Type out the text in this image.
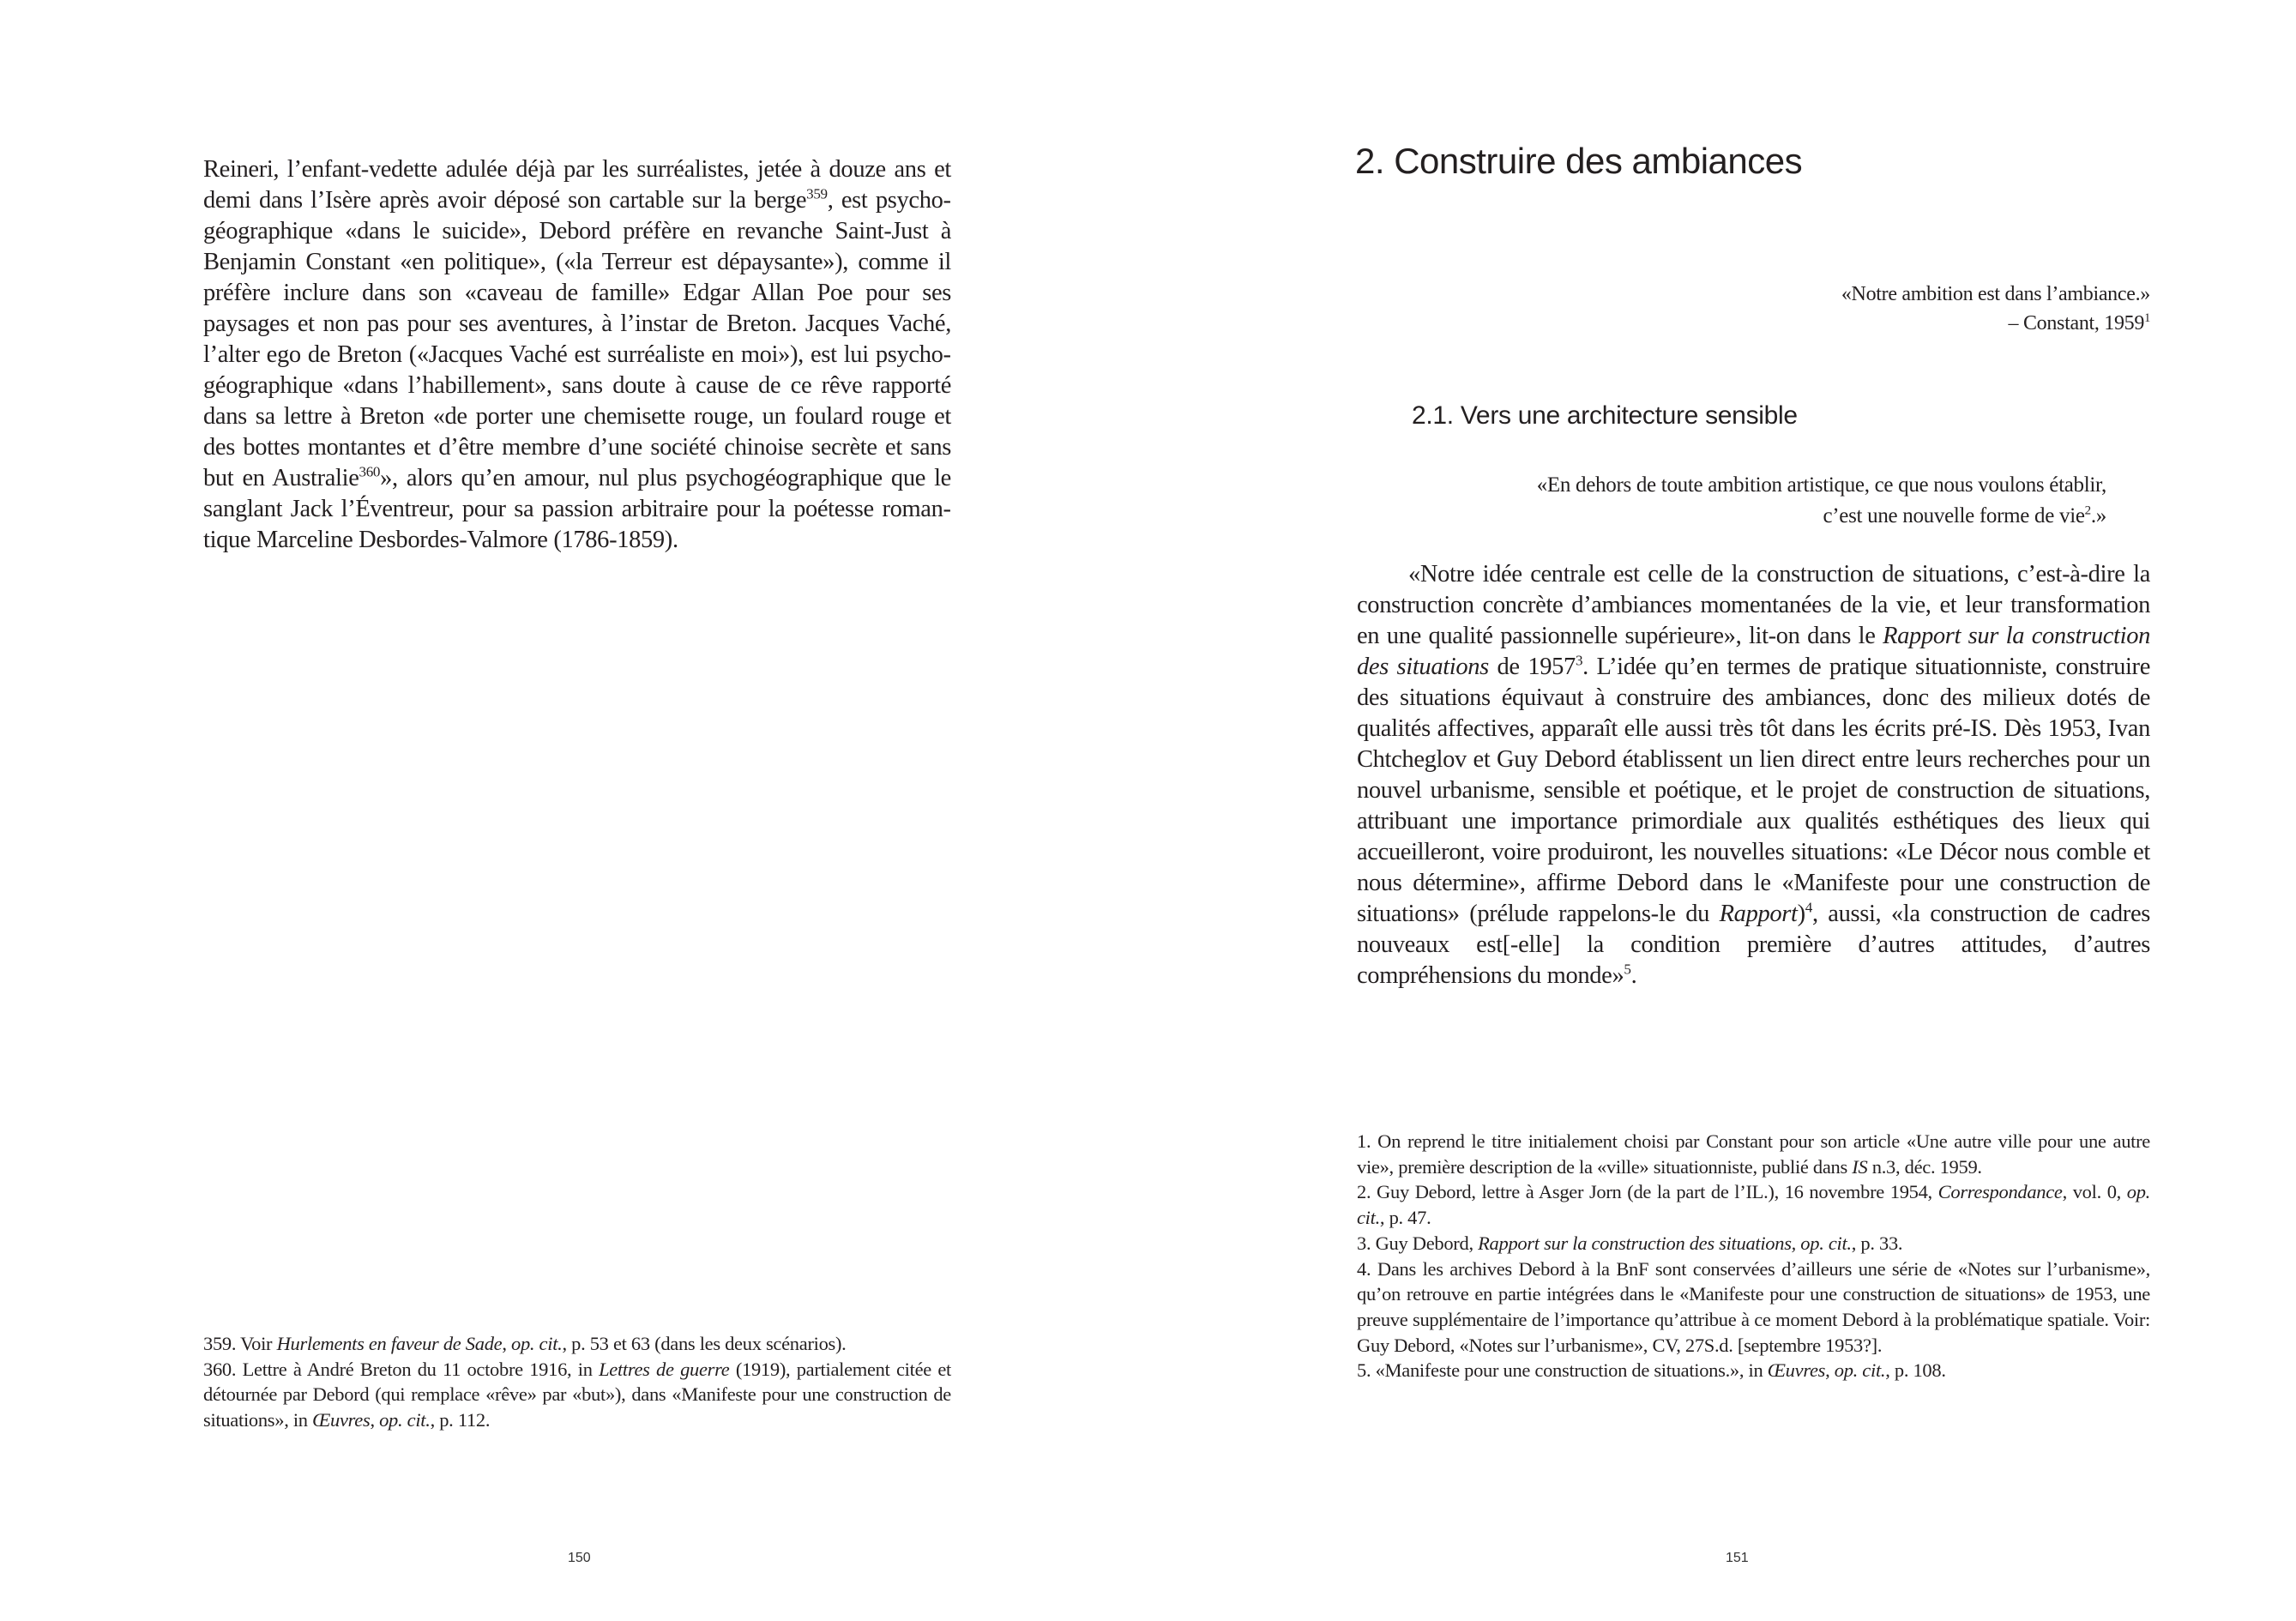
Reineri, l’enfant-vedette adulée déjà par les surréalistes, jetée à douze ans et demi dans l’Isère après avoir déposé son cartable sur la berge$^{359}$, est psychogéographique «dans le suicide», Debord préfère en revanche Saint-Just à Benjamin Constant «en politique», («la Terreur est dépaysante»), comme il préfère inclure dans son «caveau de famille» Edgar Allan Poe pour ses paysages et non pas pour ses aventures, à l’instar de Breton. Jacques Vaché, l’alter ego de Breton («Jacques Vaché est surréaliste en moi»), est lui psychogéographique «dans l’habillement», sans doute à cause de ce rêve rapporté dans sa lettre à Breton «de porter une chemisette rouge, un foulard rouge et des bottes montantes et d’être membre d’une société chinoise secrète et sans but en Australie$^{360}$», alors qu’en amour, nul plus psychogéographique que le sanglant Jack l’Éventreur, pour sa passion arbitraire pour la poétesse romantique Marceline Desbordes-Valmore (1786-1859).

359. Voir Hurlements en faveur de Sade, op. cit., p. 53 et 63 (dans les deux scénarios).

360. Lettre à André Breton du 11 octobre 1916, in Lettres de guerre (1919), partialement citée et détournée par Debord (qui remplace «rêve» par «but»), dans «Manifeste pour une construction de situations», in Œuvres, op. cit., p. 112.

150
2. Construire des ambiances
«Notre ambition est dans l’ambiance.»
– Constant, 1959$^1$
2.1. Vers une architecture sensible
«En dehors de toute ambition artistique, ce que nous voulons établir,
c’est une nouvelle forme de vie$^2$.»

«Notre idée centrale est celle de la construction de situations, c’est-à-dire la construction concrète d’ambiances momentanées de la vie, et leur transformation en une qualité passionnelle supérieure», lit-on dans le Rapport sur la construction des situations de 1957$^3$. L’idée qu’en termes de pratique situationniste, construire des situations équivaut à construire des ambiances, donc des milieux dotés de qualités affectives, apparaît elle aussi très tôt dans les écrits pré-IS. Dès 1953, Ivan Chtcheglov et Guy Debord établissent un lien direct entre leurs recherches pour un nouvel urbanisme, sensible et poétique, et le projet de construction de situations, attribuant une importance primordiale aux qualités esthétiques des lieux qui accueilleront, voire produiront, les nouvelles situations: «Le Décor nous comble et nous détermine», affirme Debord dans le «Manifeste pour une construction de situations» (prélude rappelons-le du Rapport)$^4$, aussi, «la construction de cadres nouveaux est[-elle] la condition première d’autres attitudes, d’autres compréhensions du monde»$^5$.

1. On reprend le titre initialement choisi par Constant pour son article «Une autre ville pour une autre vie», première description de la «ville» situationniste, publié dans IS n.3, déc. 1959.

2. Guy Debord, lettre à Asger Jorn (de la part de l’IL.), 16 novembre 1954, Correspondance, vol. 0, op. cit., p. 47.

3. Guy Debord, Rapport sur la construction des situations, op. cit., p. 33.

4. Dans les archives Debord à la BnF sont conservées d’ailleurs une série de «Notes sur l’urbanisme», qu’on retrouve en partie intégrées dans le «Manifeste pour une construction de situations» de 1953, une preuve supplémentaire de l’importance qu’attribue à ce moment Debord à la problématique spatiale. Voir: Guy Debord, «Notes sur l’urbanisme», CV, 27S.d. [septembre 1953?].

5. «Manifeste pour une construction de situations.», in Œuvres, op. cit., p. 108.

151
